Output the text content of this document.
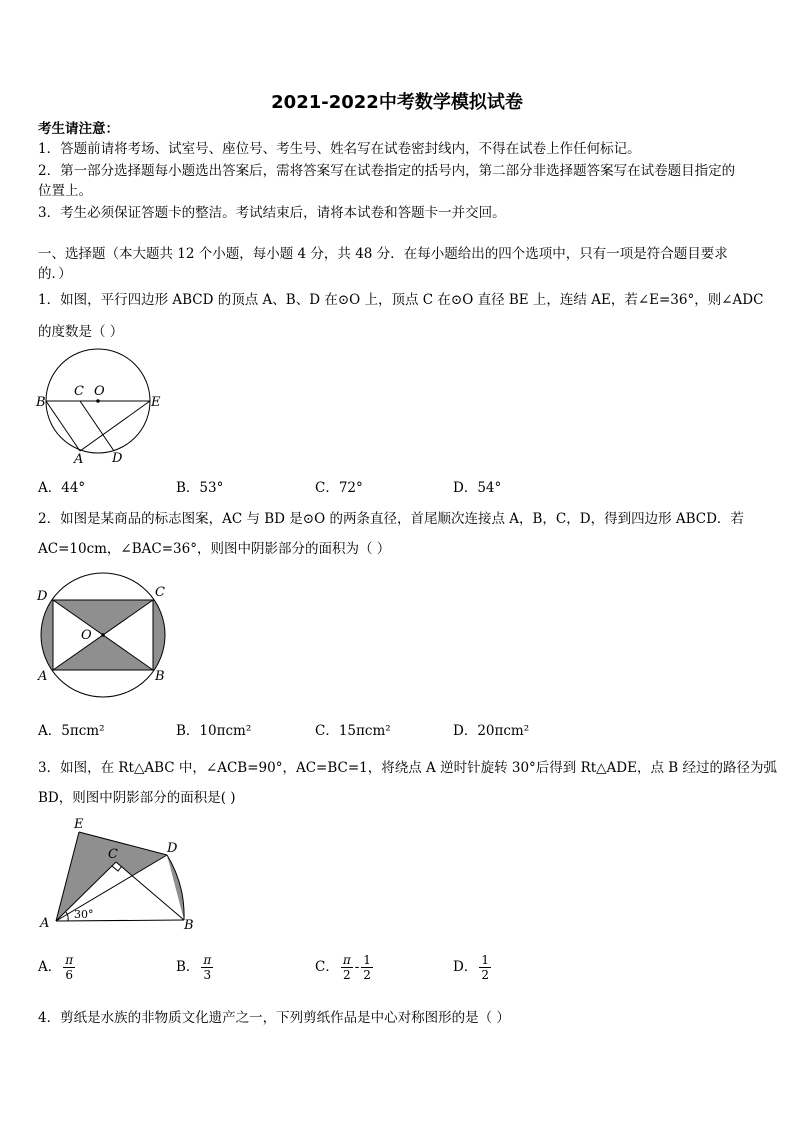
2021-2022中考数学模拟试卷
考生请注意：
1．答题前请将考场、试室号、座位号、考生号、姓名写在试卷密封线内，不得在试卷上作任何标记。
2．第一部分选择题每小题选出答案后，需将答案写在试卷指定的括号内，第二部分非选择题答案写在试卷题目指定的
位置上。
3．考生必须保证答题卡的整洁。考试结束后，请将本试卷和答题卡一并交回。
一、选择题（本大题共 12 个小题，每小题 4 分，共 48 分．在每小题给出的四个选项中，只有一项是符合题目要求
的．）
1．如图，平行四边形 ABCD 的顶点 A、B、D 在⊙O 上，顶点 C 在⊙O 直径 BE 上，连结 AE，若∠E=36°，则∠ADC
的度数是（ ）
B
C O
E
A D
A．44°	B．53°	C．72°	D．54°
2．如图是某商品的标志图案，AC 与 BD 是⊙O 的两条直径，首尾顺次连接点 A，B，C，D，得到四边形 ABCD．若
AC=10cm，∠BAC=36°，则图中阴影部分的面积为（ ）
D	C
O
A	B
A．5πcm²	B．10πcm²	C．15πcm²	D．20πcm²
3．如图，在 Rt△ABC 中，∠ACB=90°，AC=BC=1，将绕点 A 逆时针旋转 30°后得到 Rt△ADE，点 B 经过的路径为弧
BD，则图中阴影部分的面积是( )
E
C	D
A
30°
B
A． $\frac{\pi}{6}$	B． $\frac{\pi}{3}$	C． $\frac{\pi}{2} - \frac{1}{2}$	D． $\frac{1}{2}$
4．剪纸是水族的非物质文化遗产之一，下列剪纸作品是中心对称图形的是（ ）
